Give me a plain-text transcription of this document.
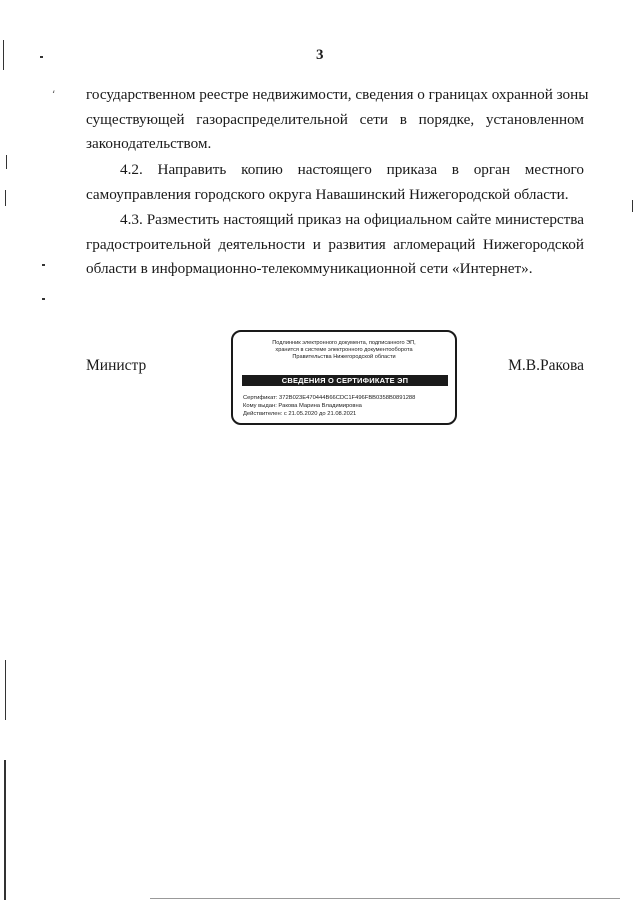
3
государственном реестре недвижимости, сведения о границах охранной зоны
существующей газораспределительной сети в порядке, установленном
законодательством.
4.2. Направить копию настоящего приказа в орган местного
самоуправления городского округа Навашинский Нижегородской области.
4.3. Разместить настоящий приказ на официальном сайте министерства
градостроительной деятельности и развития агломераций Нижегородской
области в информационно-телекоммуникационной сети «Интернет».
Министр	М.В.Ракова
Подлинник электронного документа, подписанного ЭП,
хранится в системе электронного документооборота
Правительства Нижегородской области
СВЕДЕНИЯ О СЕРТИФИКАТЕ ЭП
Сертификат: 372B023E470444B66CDC1F496FBB0358B0891288
Кому выдан: Ракова Марина Владимировна
Действителен: с 21.05.2020 до 21.08.2021
ʻ
